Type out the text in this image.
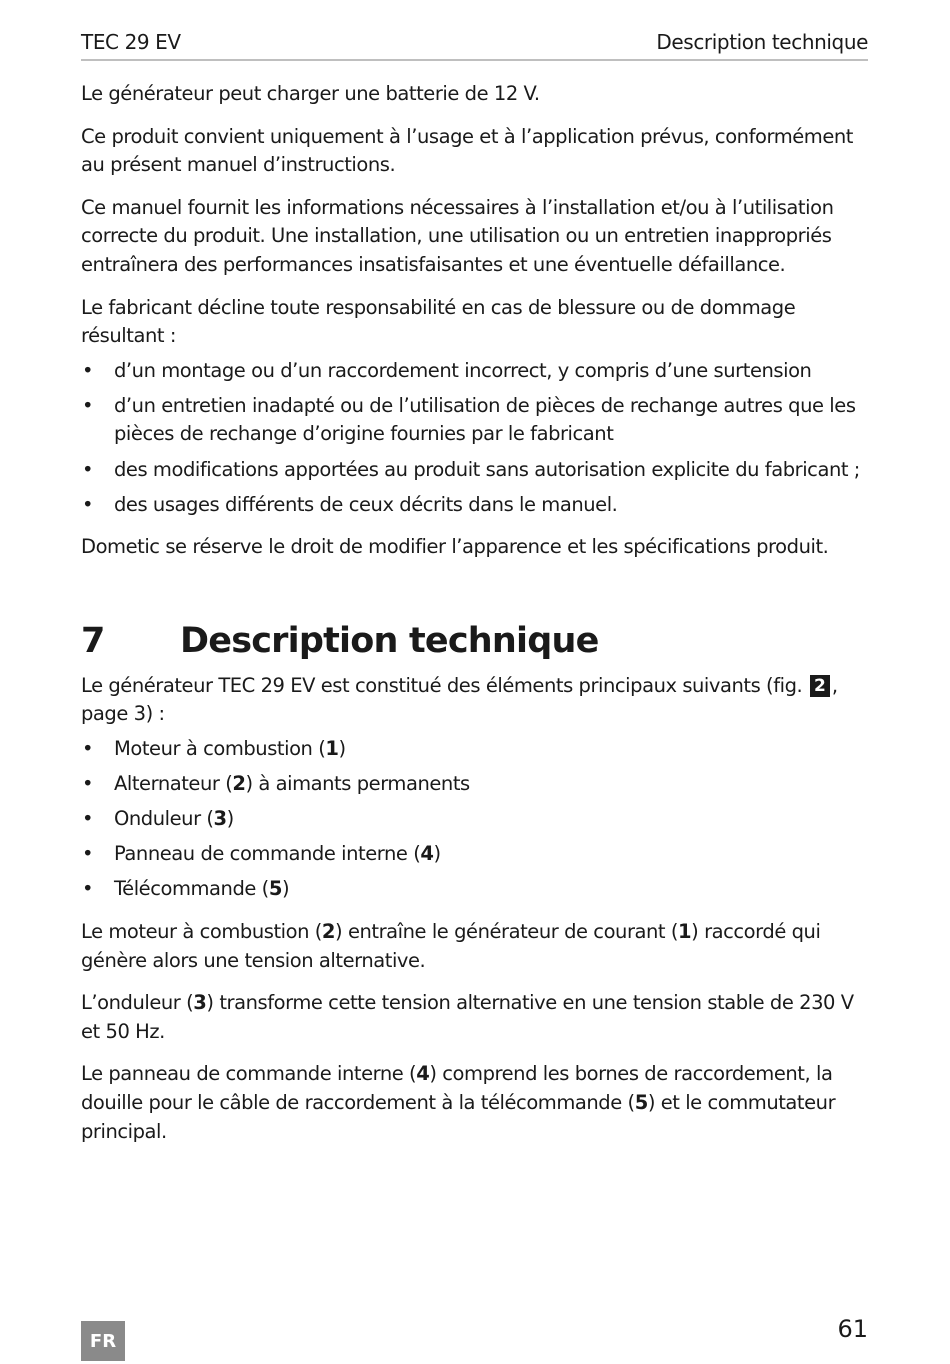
TEC 29 EV	Description technique

Le générateur peut charger une batterie de 12 V.

Ce produit convient uniquement à l’usage et à l’application prévus, conformément au présent manuel d’instructions.

Ce manuel fournit les informations nécessaires à l’installation et/ou à l’utilisation correcte du produit. Une installation, une utilisation ou un entretien inappropriés entraînera des performances insatisfaisantes et une éventuelle défaillance.

Le fabricant décline toute responsabilité en cas de blessure ou de dommage résultant :

• d’un montage ou d’un raccordement incorrect, y compris d’une surtension
• d’un entretien inadapté ou de l’utilisation de pièces de rechange autres que les pièces de rechange d’origine fournies par le fabricant
• des modifications apportées au produit sans autorisation explicite du fabricant ;
• des usages différents de ceux décrits dans le manuel.

Dometic se réserve le droit de modifier l’apparence et les spécifications produit.

7	Description technique

Le générateur TEC 29 EV est constitué des éléments principaux suivants (fig. 2 , page 3) :

• Moteur à combustion (1)
• Alternateur (2) à aimants permanents
• Onduleur (3)
• Panneau de commande interne (4)
• Télécommande (5)

Le moteur à combustion (2) entraîne le générateur de courant (1) raccordé qui génère alors une tension alternative.

L’onduleur (3) transforme cette tension alternative en une tension stable de 230 V et 50 Hz.

Le panneau de commande interne (4) comprend les bornes de raccordement, la douille pour le câble de raccordement à la télécommande (5) et le commutateur principal.

FR	61
